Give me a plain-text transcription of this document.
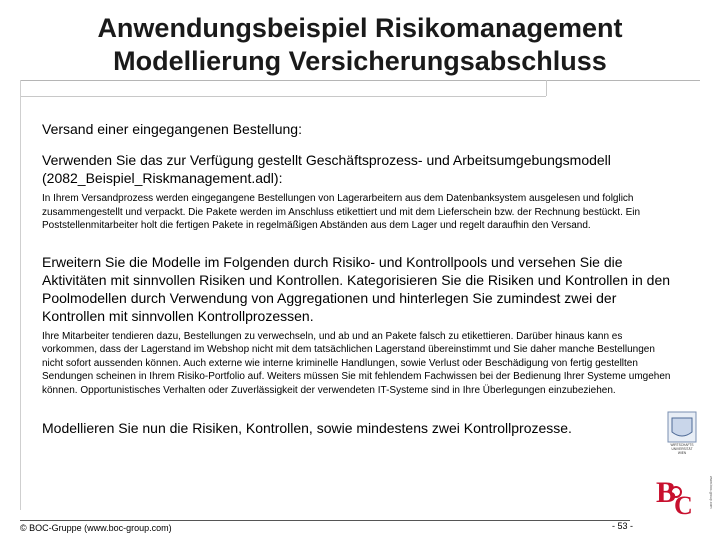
Anwendungsbeispiel Risikomanagement
Modellierung Versicherungsabschluss

Versand einer eingegangenen Bestellung:

Verwenden Sie das zur Verfügung gestellt Geschäftsprozess- und Arbeitsumgebungsmodell (2082_Beispiel_Riskmanagement.adl):

In Ihrem Versandprozess werden eingegangene Bestellungen von Lagerarbeitern aus dem Datenbanksystem ausgelesen und folglich zusammengestellt und verpackt. Die Pakete werden im Anschluss etikettiert und mit dem Lieferschein bzw. der Rechnung bestückt. Ein Poststellenmitarbeiter holt die fertigen Pakete in regelmäßigen Abständen aus dem Lager und regelt daraufhin den Versand.

Erweitern Sie die Modelle im Folgenden durch Risiko- und Kontrollpools und versehen Sie die Aktivitäten mit sinnvollen Risiken und Kontrollen. Kategorisieren Sie die Risiken und Kontrollen in den Poolmodellen durch Verwendung von Aggregationen und hinterlegen Sie zumindest zwei der Kontrollen mit sinnvollen Kontrollprozessen.

Ihre Mitarbeiter tendieren dazu, Bestellungen zu verwechseln, und ab und an Pakete falsch zu etikettieren. Darüber hinaus kann es vorkommen, dass der Lagerstand im Webshop nicht mit dem tatsächlichen Lagerstand übereinstimmt und Sie daher manche Bestellungen nicht sofort aussenden können. Auch externe wie interne kriminelle Handlungen, sowie Verlust oder Beschädigung von fertig gestellten Sendungen scheinen in Ihrem Risiko-Portfolio auf. Weiters müssen Sie mit fehlendem Fachwissen bei der Bedienung Ihrer Systeme umgehen können. Opportunistisches Verhalten oder Zuverlässigkeit der verwendeten IT-Systeme sind in Ihre Überlegungen einzubeziehen.

Modellieren Sie nun die Risiken, Kontrollen, sowie mindestens zwei Kontrollprozesse.

WIRTSCHAFTS
UNIVERSITÄT
WIEN
B
C	www.boc-group.com
© BOC-Gruppe (www.boc-group.com)	- 53 -
